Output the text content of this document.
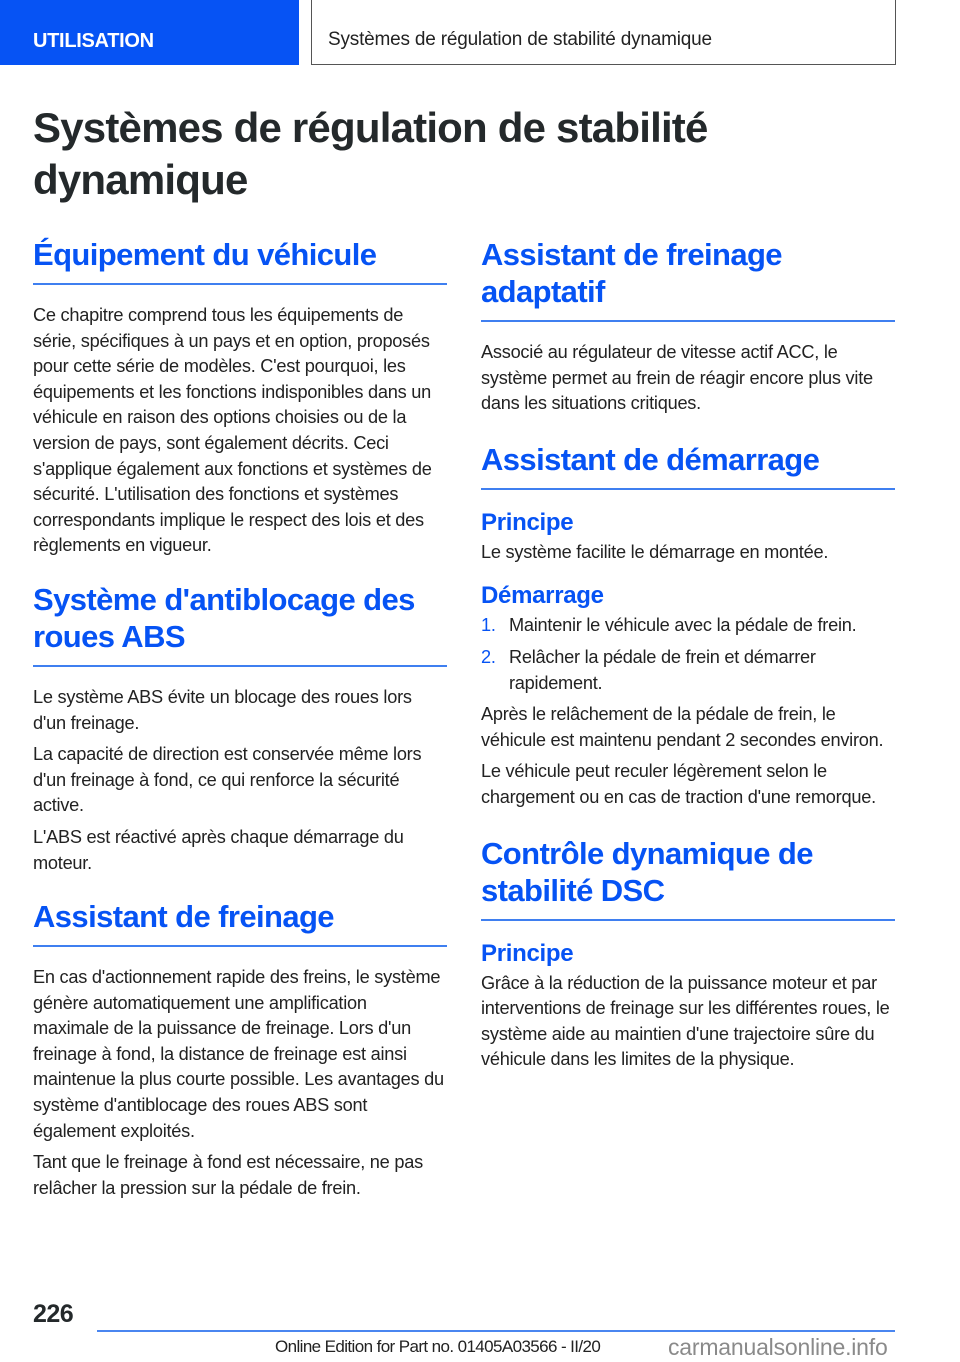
UTILISATION	Systèmes de régulation de stabilité dynamique
Systèmes de régulation de stabilité dynamique
Équipement du véhicule

Ce chapitre comprend tous les équipements de série, spécifiques à un pays et en option, proposés pour cette série de modèles. C'est pourquoi, les équipements et les fonctions indisponibles dans un véhicule en raison des options choisies ou de la version de pays, sont également décrits. Ceci s'applique également aux fonctions et systèmes de sécurité. L'utilisation des fonctions et systèmes correspondants implique le respect des lois et des règlements en vigueur.

Système d'antiblocage des roues ABS

Le système ABS évite un blocage des roues lors d'un freinage.

La capacité de direction est conservée même lors d'un freinage à fond, ce qui renforce la sécurité active.

L'ABS est réactivé après chaque démarrage du moteur.

Assistant de freinage

En cas d'actionnement rapide des freins, le système génère automatiquement une amplification maximale de la puissance de freinage. Lors d'un freinage à fond, la distance de freinage est ainsi maintenue la plus courte possible. Les avantages du système d'antiblocage des roues ABS sont également exploités.

Tant que le freinage à fond est nécessaire, ne pas relâcher la pression sur la pédale de frein.

Assistant de freinage adaptatif

Associé au régulateur de vitesse actif ACC, le système permet au frein de réagir encore plus vite dans les situations critiques.

Assistant de démarrage
Principe

Le système facilite le démarrage en montée.

Démarrage
1. Maintenir le véhicule avec la pédale de frein.
2. Relâcher la pédale de frein et démarrer rapidement.

Après le relâchement de la pédale de frein, le véhicule est maintenu pendant 2 secondes environ.

Le véhicule peut reculer légèrement selon le chargement ou en cas de traction d'une remorque.

Contrôle dynamique de stabilité DSC
Principe

Grâce à la réduction de la puissance moteur et par interventions de freinage sur les différentes roues, le système aide au maintien d'une trajectoire sûre du véhicule dans les limites de la physique.

226
Online Edition for Part no. 01405A03566 - II/20	carmanualsonline.info
